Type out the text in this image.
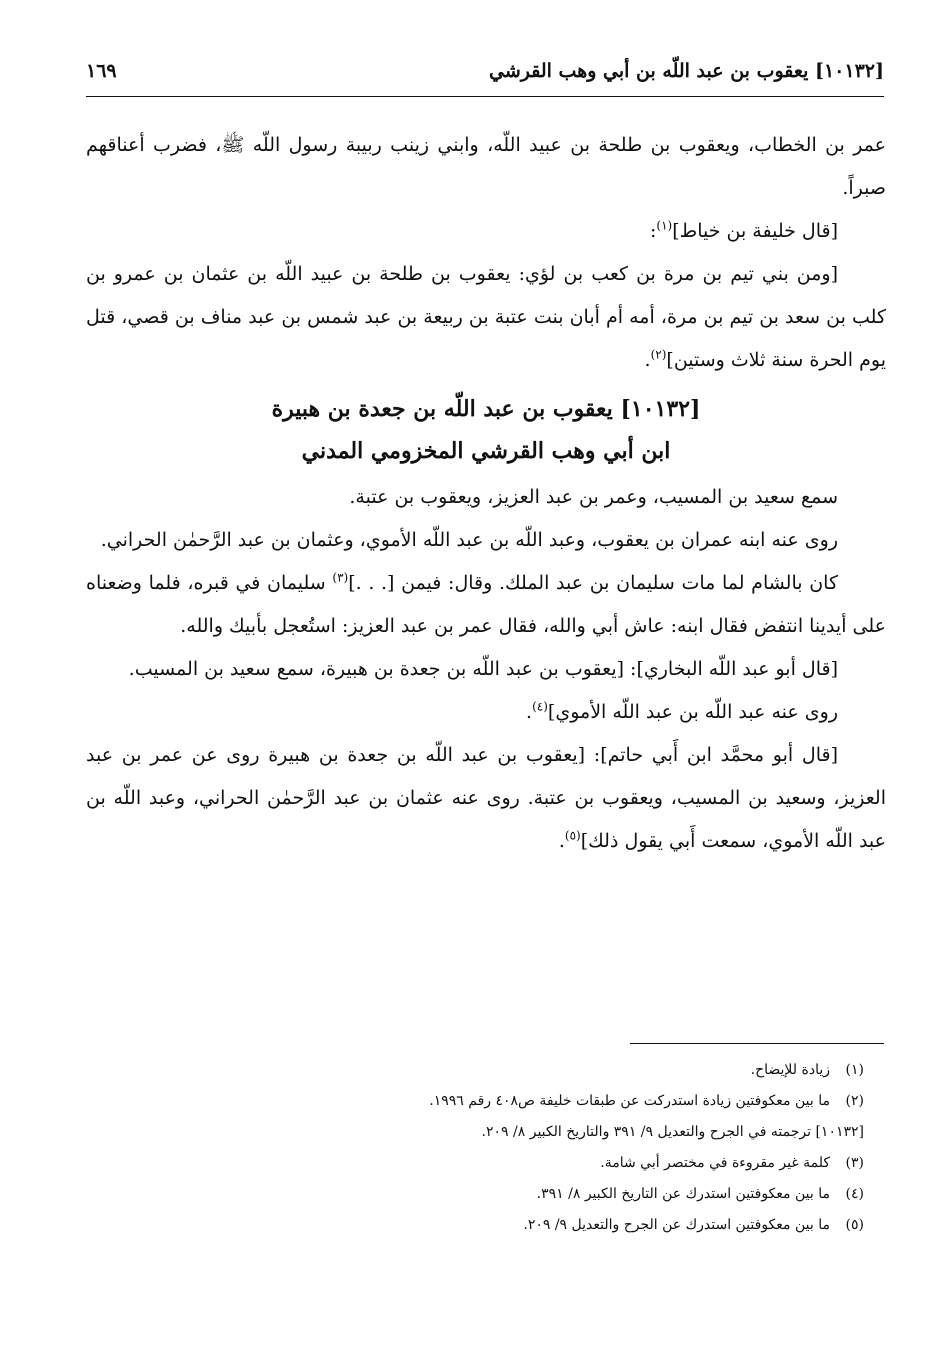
[١٠١٣٢] يعقوب بن عبد اللّه بن أبي وهب القرشي
١٦٩

عمر بن الخطاب، ويعقوب بن طلحة بن عبيد اللّه، وابني زينب ربيبة رسول اللّه ﷺ، فضرب أعناقهم صبراً.

[قال خليفة بن خياط]$^{(١)}$:

[ومن بني تيم بن مرة بن كعب بن لؤي: يعقوب بن طلحة بن عبيد اللّه بن عثمان بن عمرو بن كلب بن سعد بن تيم بن مرة، أمه أم أبان بنت عتبة بن ربيعة بن عبد شمس بن عبد مناف بن قصي، قتل يوم الحرة سنة ثلاث وستين]$^{(٢)}$.

[١٠١٣٢] يعقوب بن عبد اللّه بن جعدة بن هبيرة
ابن أبي وهب القرشي المخزومي المدني

سمع سعيد بن المسيب، وعمر بن عبد العزيز، ويعقوب بن عتبة.

روى عنه ابنه عمران بن يعقوب، وعبد اللّه بن عبد اللّه الأموي، وعثمان بن عبد الرَّحمٰن الحراني.

كان بالشام لما مات سليمان بن عبد الملك. وقال: فيمن [. . .]$^{(٣)}$ سليمان في قبره، فلما وضعناه على أيدينا انتفض فقال ابنه: عاش أبي والله، فقال عمر بن عبد العزيز: استُعجل بأبيك والله.

[قال أبو عبد اللّه البخاري]: [يعقوب بن عبد اللّه بن جعدة بن هبيرة، سمع سعيد بن المسيب.

روى عنه عبد اللّه بن عبد اللّه الأموي]$^{(٤)}$.

[قال أبو محمَّد ابن أَبي حاتم]: [يعقوب بن عبد اللّه بن جعدة بن هبيرة روى عن عمر بن عبد العزيز، وسعيد بن المسيب، ويعقوب بن عتبة. روى عنه عثمان بن عبد الرَّحمٰن الحراني، وعبد اللّه بن عبد اللّه الأموي، سمعت أَبي يقول ذلك]$^{(٥)}$.

(١)زيادة للإيضاح.
(٢)ما بين معكوفتين زيادة استدركت عن طبقات خليفة ص٤٠٨ رقم ١٩٩٦.
[١٠١٣٢] ترجمته في الجرح والتعديل ٩/ ٣٩١ والتاريخ الكبير ٨/ ٢٠٩.
(٣)كلمة غير مقروءة في مختصر أبي شامة.
(٤)ما بين معكوفتين استدرك عن التاريخ الكبير ٨/ ٣٩١.
(٥)ما بين معكوفتين استدرك عن الجرح والتعديل ٩/ ٢٠٩.
